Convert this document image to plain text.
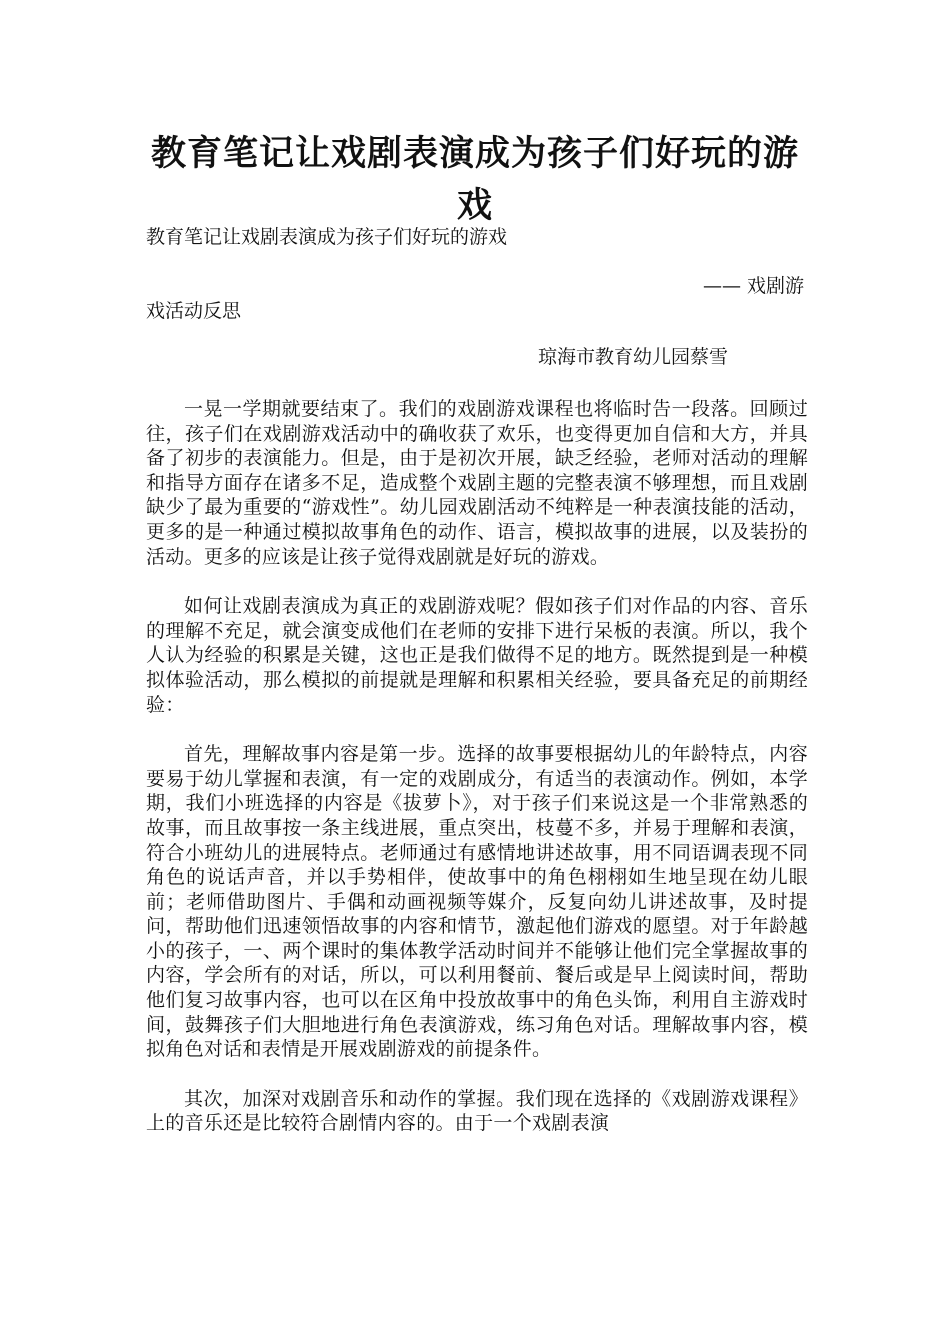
教育笔记让戏剧表演成为孩子们好玩的游戏
教育笔记让戏剧表演成为孩子们好玩的游戏
—— 戏剧游
戏活动反思
琼海市教育幼儿园蔡雪

一晃一学期就要结束了。我们的戏剧游戏课程也将临时告一段落。回顾过往，孩子们在戏剧游戏活动中的确收获了欢乐，也变得更加自信和大方，并具备了初步的表演能力。但是，由于是初次开展，缺乏经验，老师对活动的理解和指导方面存在诸多不足，造成整个戏剧主题的完整表演不够理想，而且戏剧缺少了最为重要的“游戏性”。幼儿园戏剧活动不纯粹是一种表演技能的活动，更多的是一种通过模拟故事角色的动作、语言，模拟故事的进展，以及装扮的活动。更多的应该是让孩子觉得戏剧就是好玩的游戏。

如何让戏剧表演成为真正的戏剧游戏呢？假如孩子们对作品的内容、音乐的理解不充足，就会演变成他们在老师的安排下进行呆板的表演。所以，我个人认为经验的积累是关键，这也正是我们做得不足的地方。既然提到是一种模拟体验活动，那么模拟的前提就是理解和积累相关经验，要具备充足的前期经验：

首先，理解故事内容是第一步。选择的故事要根据幼儿的年龄特点，内容要易于幼儿掌握和表演，有一定的戏剧成分，有适当的表演动作。例如，本学期，我们小班选择的内容是《拔萝卜》，对于孩子们来说这是一个非常熟悉的故事，而且故事按一条主线进展，重点突出，枝蔓不多，并易于理解和表演，符合小班幼儿的进展特点。老师通过有感情地讲述故事，用不同语调表现不同角色的说话声音，并以手势相伴，使故事中的角色栩栩如生地呈现在幼儿眼前；老师借助图片、手偶和动画视频等媒介，反复向幼儿讲述故事，及时提问，帮助他们迅速领悟故事的内容和情节，激起他们游戏的愿望。对于年龄越小的孩子，一、两个课时的集体教学活动时间并不能够让他们完全掌握故事的内容，学会所有的对话，所以，可以利用餐前、餐后或是早上阅读时间，帮助他们复习故事内容，也可以在区角中投放故事中的角色头饰，利用自主游戏时间，鼓舞孩子们大胆地进行角色表演游戏，练习角色对话。理解故事内容，模拟角色对话和表情是开展戏剧游戏的前提条件。

其次，加深对戏剧音乐和动作的掌握。我们现在选择的《戏剧游戏课程》 上的音乐还是比较符合剧情内容的。由于一个戏剧表演
